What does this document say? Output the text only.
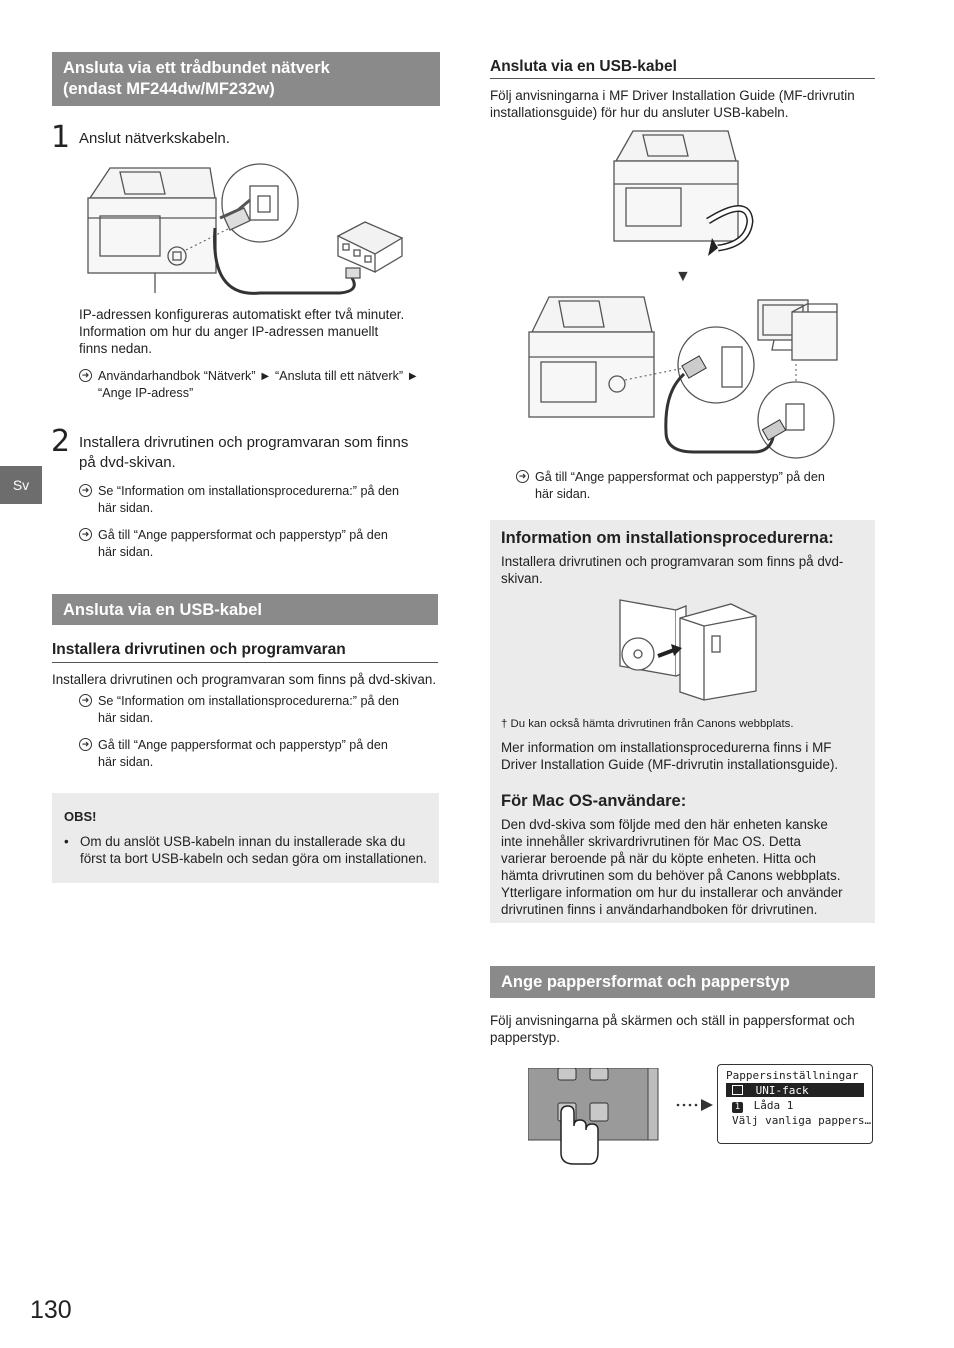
Sv
Ansluta via ett trådbundet nätverk
(endast MF244dw/MF232w)
1 Anslut nätverkskabeln.
IP-adressen konfigureras automatiskt efter två minuter.
Information om hur du anger IP-adressen manuellt
finns nedan.
➜ Användarhandbok “Nätverk” ► “Ansluta till ett nätverk” ►
“Ange IP-adress”
2 Installera drivrutinen och programvaran som finns
på dvd-skivan.
➜ Se “Information om installationsprocedurerna:” på den
här sidan.
➜ Gå till “Ange pappersformat och papperstyp” på den
här sidan.
Ansluta via en USB-kabel
Installera drivrutinen och programvaran
Installera drivrutinen och programvaran som finns på dvd-skivan.
➜ Se “Information om installationsprocedurerna:” på den
här sidan.
➜ Gå till “Ange pappersformat och papperstyp” på den
här sidan.
OBS!
• Om du anslöt USB-kabeln innan du installerade ska du
först ta bort USB-kabeln och sedan göra om installationen.
Ansluta via en USB-kabel
Följ anvisningarna i MF Driver Installation Guide (MF-drivrutin
installationsguide) för hur du ansluter USB-kabeln.
▼
➜ Gå till “Ange pappersformat och papperstyp” på den
här sidan.
Information om installationsprocedurerna:
Installera drivrutinen och programvaran som finns på dvd-
skivan.
† Du kan också hämta drivrutinen från Canons webbplats.
Mer information om installationsprocedurerna finns i MF
Driver Installation Guide (MF-drivrutin installationsguide).
För Mac OS-användare:
Den dvd-skiva som följde med den här enheten kanske
inte innehåller skrivardrivrutinen för Mac OS. Detta
varierar beroende på när du köpte enheten. Hitta och
hämta drivrutinen som du behöver på Canons webbplats.
Ytterligare information om hur du installerar och använder
drivrutinen finns i användarhandboken för drivrutinen.
Ange pappersformat och papperstyp
Följ anvisningarna på skärmen och ställ in pappersformat och
papperstyp.
Pappersinställningar
UNI-fack
1 Låda 1
Välj vanliga pappers…
130
